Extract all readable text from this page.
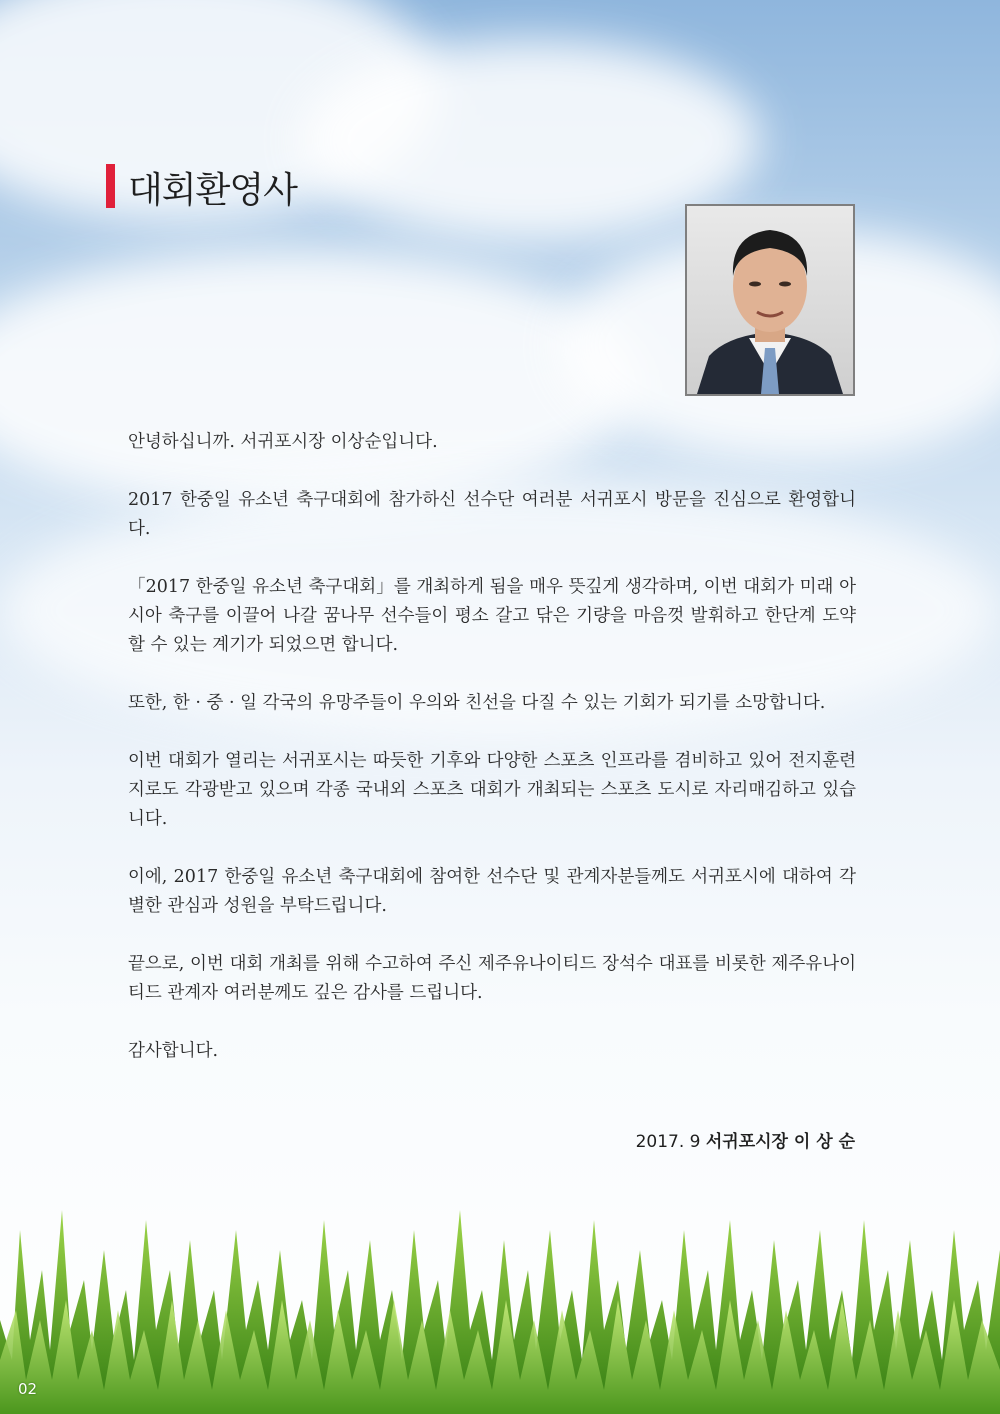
대회환영사

안녕하십니까. 서귀포시장 이상순입니다.

2017 한중일 유소년 축구대회에 참가하신 선수단 여러분 서귀포시 방문을 진심으로 환영합니다.

「2017 한중일 유소년 축구대회」를 개최하게 됨을 매우 뜻깊게 생각하며, 이번 대회가 미래 아시아 축구를 이끌어 나갈 꿈나무 선수들이 평소 갈고 닦은 기량을 마음껏 발휘하고 한단계 도약할 수 있는 계기가 되었으면 합니다.

또한, 한 · 중 · 일 각국의 유망주들이 우의와 친선을 다질 수 있는 기회가 되기를 소망합니다.

이번 대회가 열리는 서귀포시는 따듯한 기후와 다양한 스포츠 인프라를 겸비하고 있어 전지훈련지로도 각광받고 있으며 각종 국내외 스포츠 대회가 개최되는 스포츠 도시로 자리매김하고 있습니다.

이에, 2017 한중일 유소년 축구대회에 참여한 선수단 및 관계자분들께도 서귀포시에 대하여 각별한 관심과 성원을 부탁드립니다.

끝으로, 이번 대회 개최를 위해 수고하여 주신 제주유나이티드 장석수 대표를 비롯한 제주유나이티드 관계자 여러분께도 깊은 감사를 드립니다.

감사합니다.

2017. 9 서귀포시장 이 상 순
02
